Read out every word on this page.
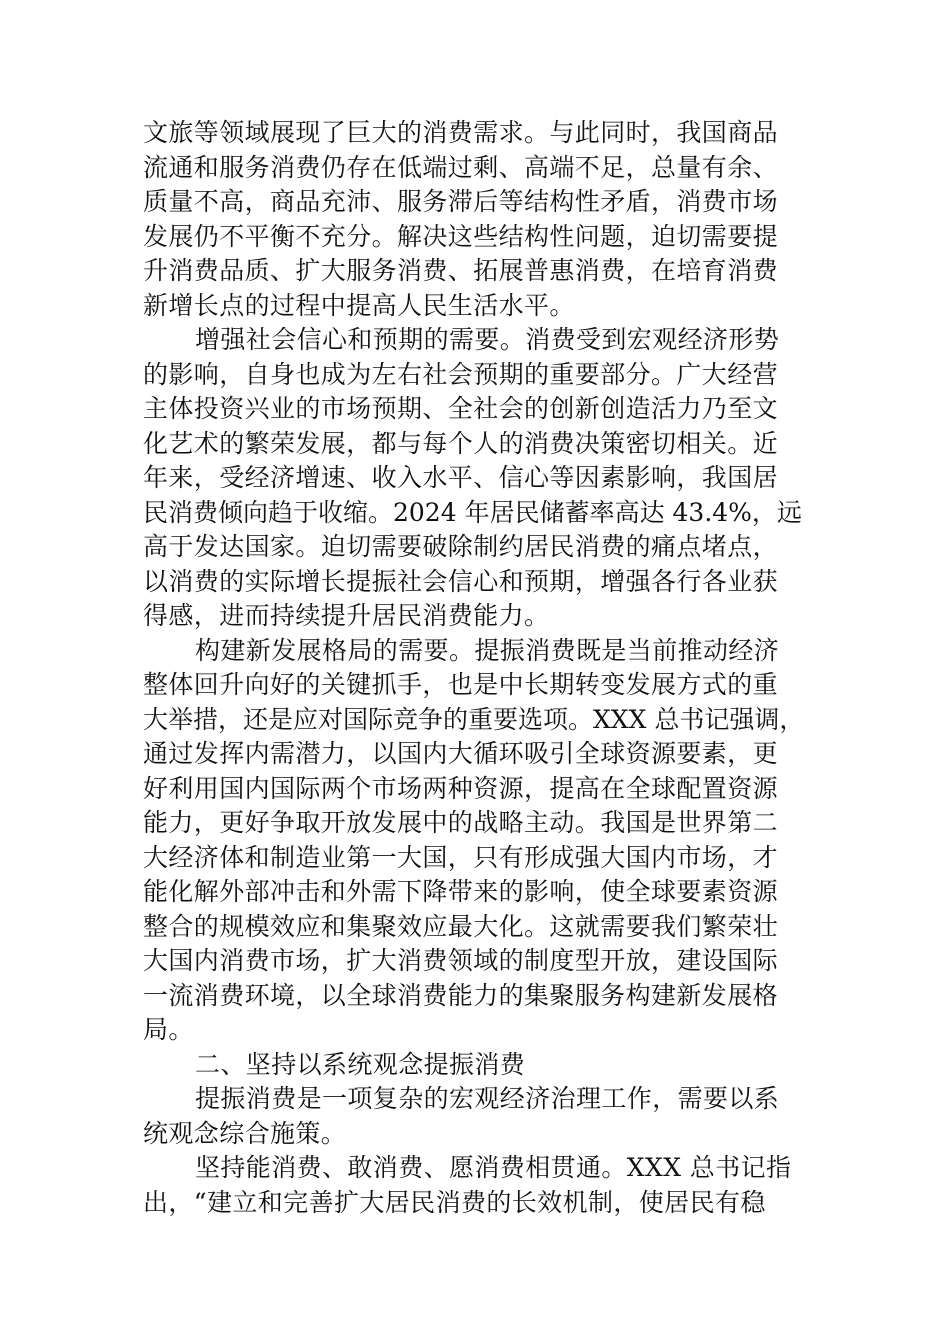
文旅等领域展现了巨大的消费需求。与此同时，我国商品
流通和服务消费仍存在低端过剩、高端不足，总量有余、
质量不高，商品充沛、服务滞后等结构性矛盾，消费市场
发展仍不平衡不充分。解决这些结构性问题，迫切需要提
升消费品质、扩大服务消费、拓展普惠消费，在培育消费
新增长点的过程中提高人民生活水平。
增强社会信心和预期的需要。消费受到宏观经济形势
的影响，自身也成为左右社会预期的重要部分。广大经营
主体投资兴业的市场预期、全社会的创新创造活力乃至文
化艺术的繁荣发展，都与每个人的消费决策密切相关。近
年来，受经济增速、收入水平、信心等因素影响，我国居
民消费倾向趋于收缩。2024 年居民储蓄率高达 43.4%，远
高于发达国家。迫切需要破除制约居民消费的痛点堵点，
以消费的实际增长提振社会信心和预期，增强各行各业获
得感，进而持续提升居民消费能力。
构建新发展格局的需要。提振消费既是当前推动经济
整体回升向好的关键抓手，也是中长期转变发展方式的重
大举措，还是应对国际竞争的重要选项。XXX 总书记强调，
通过发挥内需潜力，以国内大循环吸引全球资源要素，更
好利用国内国际两个市场两种资源，提高在全球配置资源
能力，更好争取开放发展中的战略主动。我国是世界第二
大经济体和制造业第一大国，只有形成强大国内市场，才
能化解外部冲击和外需下降带来的影响，使全球要素资源
整合的规模效应和集聚效应最大化。这就需要我们繁荣壮
大国内消费市场，扩大消费领域的制度型开放，建设国际
一流消费环境，以全球消费能力的集聚服务构建新发展格
局。
二、坚持以系统观念提振消费
提振消费是一项复杂的宏观经济治理工作，需要以系
统观念综合施策。
坚持能消费、敢消费、愿消费相贯通。XXX 总书记指
出，“建立和完善扩大居民消费的长效机制，使居民有稳
